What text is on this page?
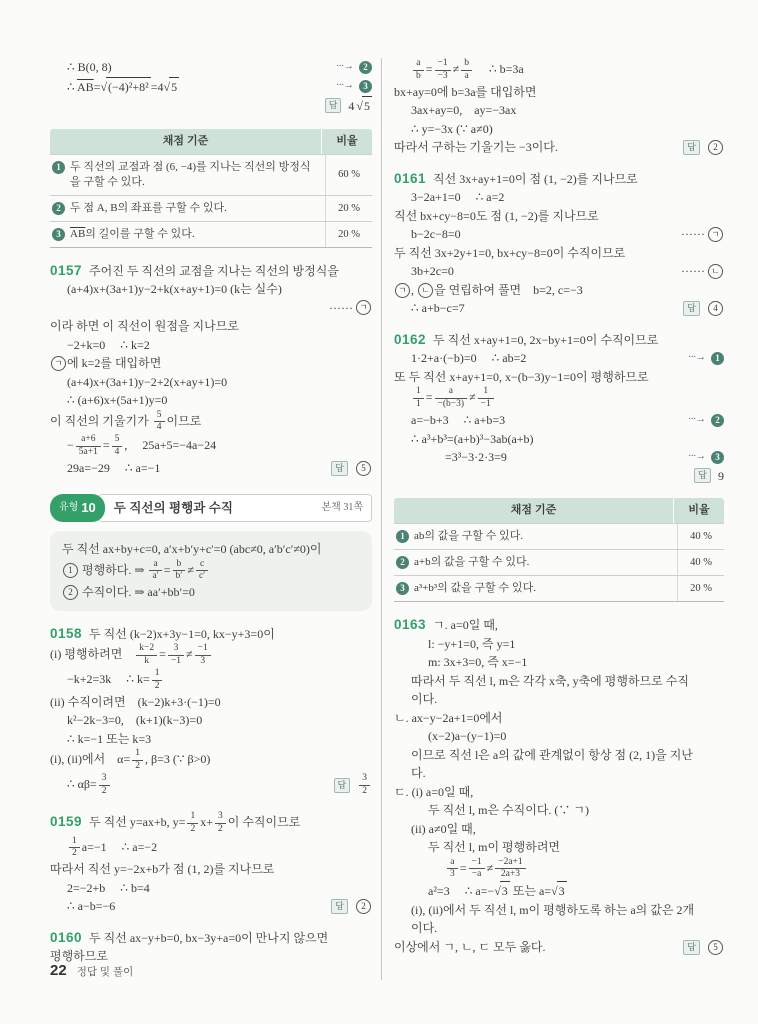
∴ B(0, 8)	···→	2
∴ $\overline{AB}=√(-4)^2+8^2 =4√5$	···→	3
답 4 √5
채점 기준	비율
1 두 직선의 교점과 점 (6, −4)를 지나는 직선의 방정식을 구할 수 있다.
60 %
2 두 점 A, B의 좌표를 구할 수 있다.	20 %
3 $\overline{AB}$의 길이를 구할 수 있다.	20 %
0157 주어진 두 직선의 교점을 지나는 직선의 방정식을
(a+4)x+(3a+1)y−2+k(x+ay+1)=0 (k는 실수)
······ ㄱ
이라 하면 이 직선이 원점을 지나므로
−2+k=0  ∴ k=2
ㄱ 에 k=2를 대입하면
(a+4)x+(3a+1)y−2+2(x+ay+1)=0
∴ (a+6)x+(5a+1)y=0
이 직선의 기울기가 $\frac{5}{4}$ 이므로
− $\frac{a+6}{5a+1} = \frac{5}{4}$ ,  25a+5=−4a−24
29a=−29  ∴ a=−1	답	5
유형 10 두 직선의 평행과 수직	본책 31쪽
두 직선 ax+by+c=0, a′x+b′y+c′=0 (abc≠0, a′b′c′≠0)이
1 평행하다. ⇒ $\frac{a}{a'} = \frac{b}{b'} \ne \frac{c}{c'}$
2 수직이다. ⇒ aa′+bb′=0
0158 두 직선 (k−2)x+3y−1=0, kx−y+3=0이
(i) 평행하려면  $\frac{k-2}{k} = \frac{3}{-1} \ne \frac{-1}{3}$
−k+2=3k  ∴ $k= \frac{1}{2}$
(ii) 수직이려면 (k−2)k+3·(−1)=0
k²−2k−3=0, (k+1)(k−3)=0
∴ k=−1 또는 k=3
(i), (ii)에서 $\alpha= \frac{1}{2}$ , β=3 (∵ β>0)
∴ $\alpha\beta= \frac{3}{2}$	답	$\frac{3}{2}$
0159 두 직선 y=ax+b, $y= \frac{1}{2} x+ \frac{3}{2}$ 이 수직이므로
$\frac{1}{2} a=-1$  ∴ a=−2
따라서 직선 y=−2x+b가 점 (1, 2)를 지나므로
2=−2+b  ∴ b=4
∴ a−b=−6	답	2
0160 두 직선 ax−y+b=0, bx−3y+a=0이 만나지 않으면
평행하므로
$\frac{a}{b} = \frac{-1}{-3} \ne \frac{b}{a}$   ∴ b=3a
bx+ay=0에 b=3a를 대입하면
3ax+ay=0, ay=−3ax
∴ y=−3x (∵ a≠0)
따라서 구하는 기울기는 −3이다.	답	2
0161 직선 3x+ay+1=0이 점 (1, −2)를 지나므로
3−2a+1=0  ∴ a=2
직선 bx+cy−8=0도 점 (1, −2)를 지나므로
b−2c−8=0	······ ㄱ
두 직선 3x+2y+1=0, bx+cy−8=0이 수직이므로
3b+2c=0	······ ㄴ
ㄱ , ㄴ 을 연립하여 풀면 b=2, c=−3
∴ a+b−c=7	답	4
0162 두 직선 x+ay+1=0, 2x−by+1=0이 수직이므로
1·2+a·(−b)=0  ∴ ab=2	···→	1
또 두 직선 x+ay+1=0, x−(b−3)y−1=0이 평행하므로
$\frac{1}{1} = \frac{a}{-(b-3)} \ne \frac{1}{-1}$
a=−b+3  ∴ a+b=3	···→	2
∴ a³+b³=(a+b)³−3ab(a+b)
=3³−3·2·3=9	···→	3
답 9
채점 기준	비율
1 ab의 값을 구할 수 있다.	40 %
2 a+b의 값을 구할 수 있다.	40 %
3 a³+b³의 값을 구할 수 있다.	20 %
0163 ㄱ. a=0일 때,
l: −y+1=0, 즉 y=1
m: 3x+3=0, 즉 x=−1
따라서 두 직선 l, m은 각각 x축, y축에 평행하므로 수직
이다.
ㄴ. ax−y−2a+1=0에서
(x−2)a−(y−1)=0
이므로 직선 l은 a의 값에 관계없이 항상 점 (2, 1)을 지난
다.
ㄷ. (i) a=0일 때,
두 직선 l, m은 수직이다. (∵ ㄱ)
(ii) a≠0일 때,
두 직선 l, m이 평행하려면
$\frac{a}{3} = \frac{-1}{-a} \ne \frac{-2a+1}{2a+3}$
a²=3  ∴ a=−√3 또는 a=√3
(i), (ii)에서 두 직선 l, m이 평행하도록 하는 a의 값은 2개
이다.
이상에서 ㄱ, ㄴ, ㄷ 모두 옳다.	답	5
22 정답 및 풀이
